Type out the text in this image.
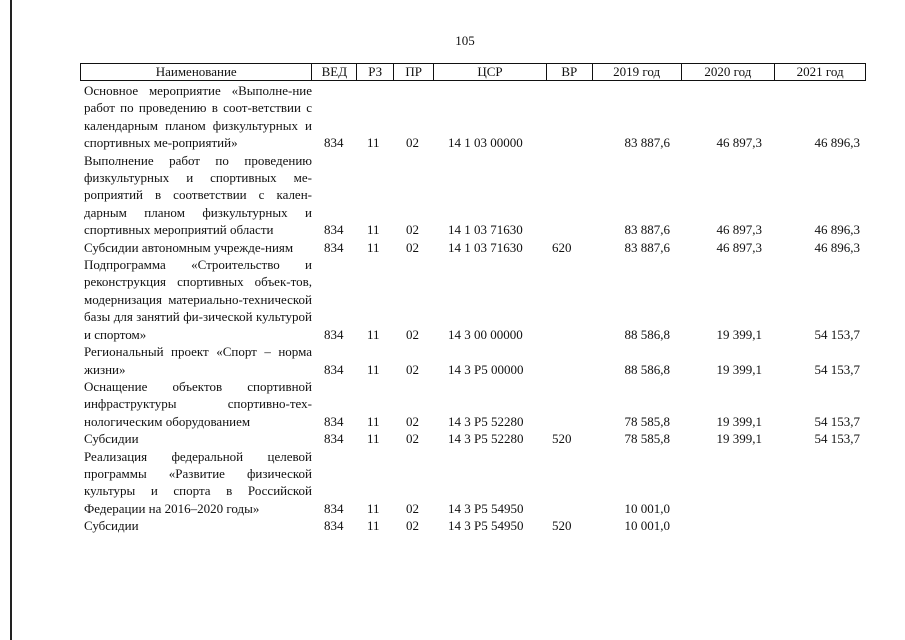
105
Наименование	ВЕД	РЗ	ПР	ЦСР	ВР	2019 год	2020 год	2021 год
Основное мероприятие «Выполне-ние работ по проведению в соот-ветствии с календарным планом физкультурных и спортивных ме-роприятий»	834 11 02 14 1 03 00000	83 887,6	46 897,3	46 896,3
Выполнение работ по проведению физкультурных и спортивных ме-роприятий в соответствии с кален-дарным планом физкультурных и спортивных мероприятий области	834 11 02 14 1 03 71630	83 887,6	46 897,3	46 896,3
Субсидии автономным учрежде-ниям	834 11 02 14 1 03 71630 620	83 887,6	46 897,3	46 896,3
Подпрограмма «Строительство и реконструкция спортивных объек-тов, модернизация материально-технической базы для занятий фи-зической культурой и спортом»	834 11 02 14 3 00 00000	88 586,8	19 399,1	54 153,7
Региональный проект «Спорт – норма жизни»	834 11 02 14 3 P5 00000	88 586,8	19 399,1	54 153,7
Оснащение объектов спортивной инфраструктуры спортивно-тех-нологическим оборудованием	834 11 02 14 3 P5 52280	78 585,8	19 399,1	54 153,7
Субсидии	834 11 02 14 3 P5 52280 520	78 585,8	19 399,1	54 153,7
Реализация федеральной целевой программы «Развитие физической культуры и спорта в Российской Федерации на 2016–2020 годы»	834 11 02 14 3 P5 54950	10 001,0
Субсидии	834 11 02 14 3 P5 54950 520	10 001,0
